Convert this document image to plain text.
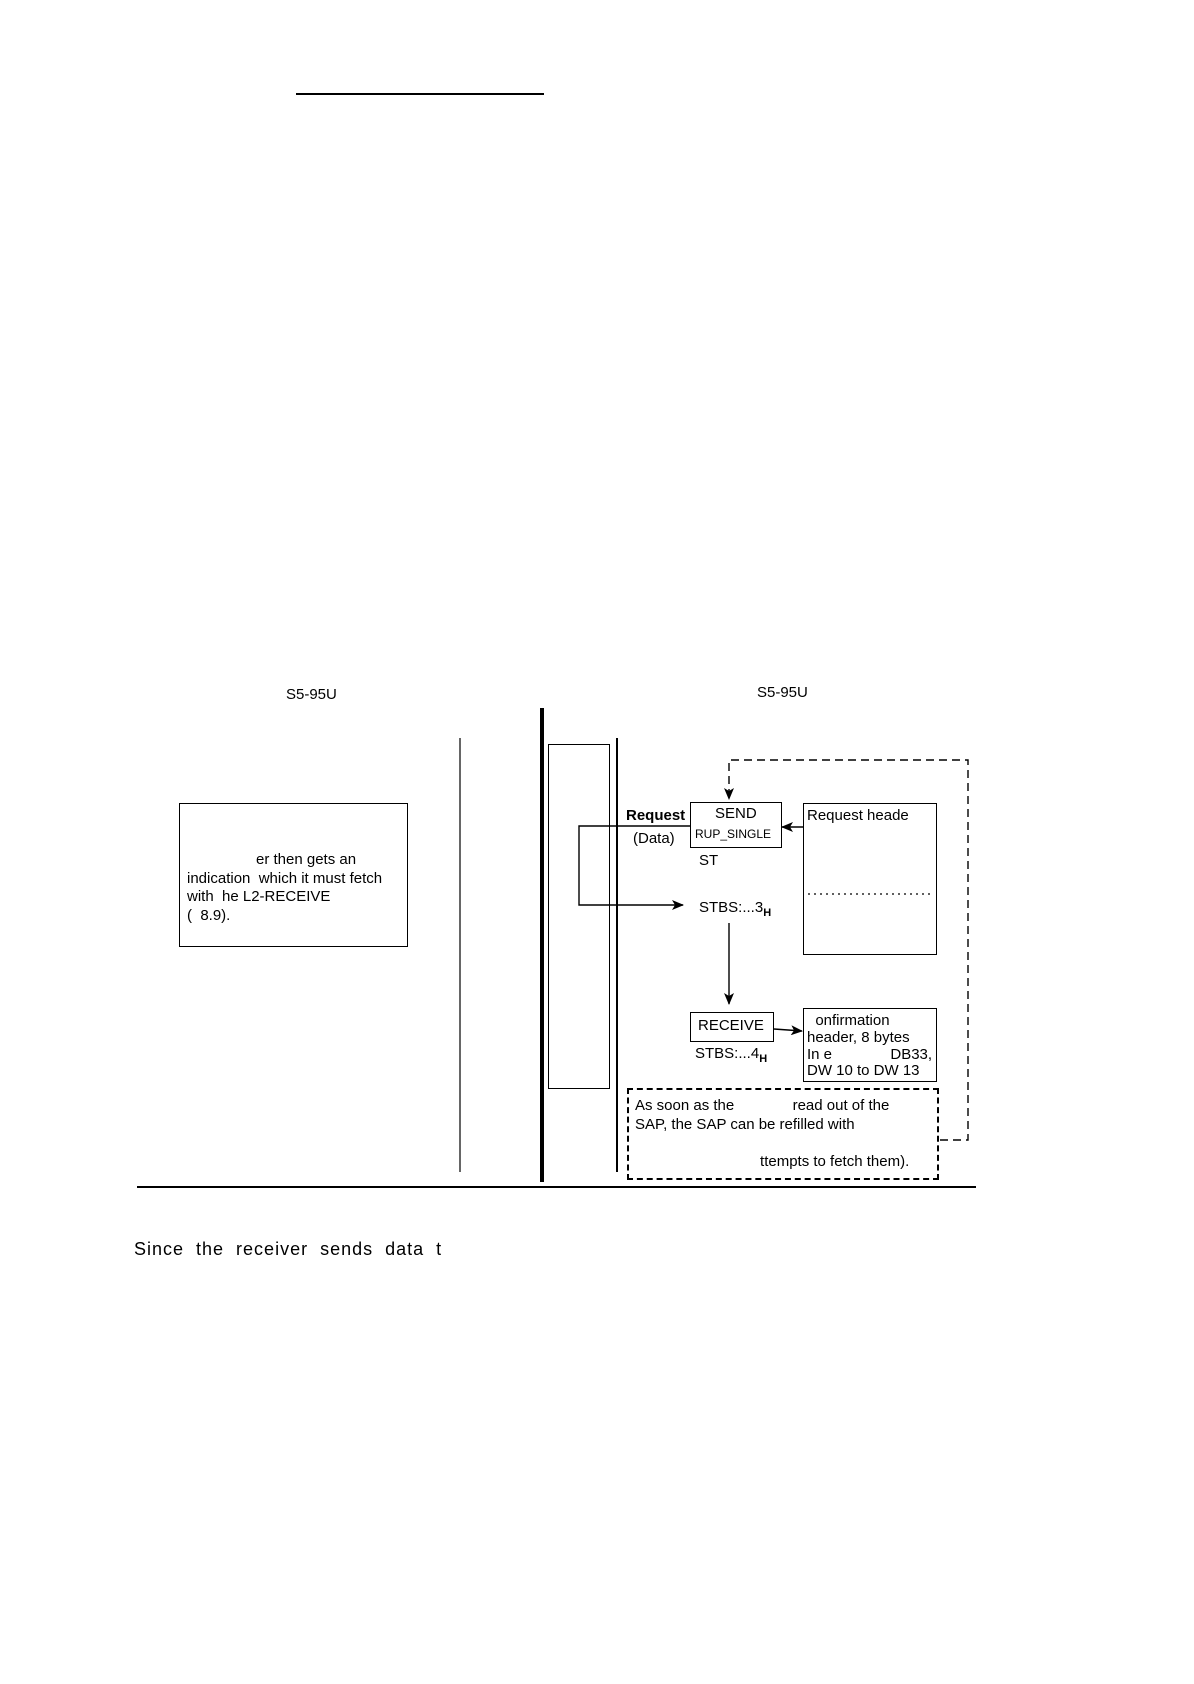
S5-95U	S5-95U
er then gets an
indication  which it must fetch
with  he L2-RECEIVE
(  8.9).
Request
(Data)
SEND
RUP_SINGLE
ST
$STBS:...3_H$
Request heade
RECEIVE
$STBS:...4_H$
onfirmation
header, 8 bytes
In e              DB33,
DW 10 to DW 13
As soon as the              read out of the
SAP, the SAP can be refilled with
ttempts to fetch them).
Since  the  receiver  sends  data  t
